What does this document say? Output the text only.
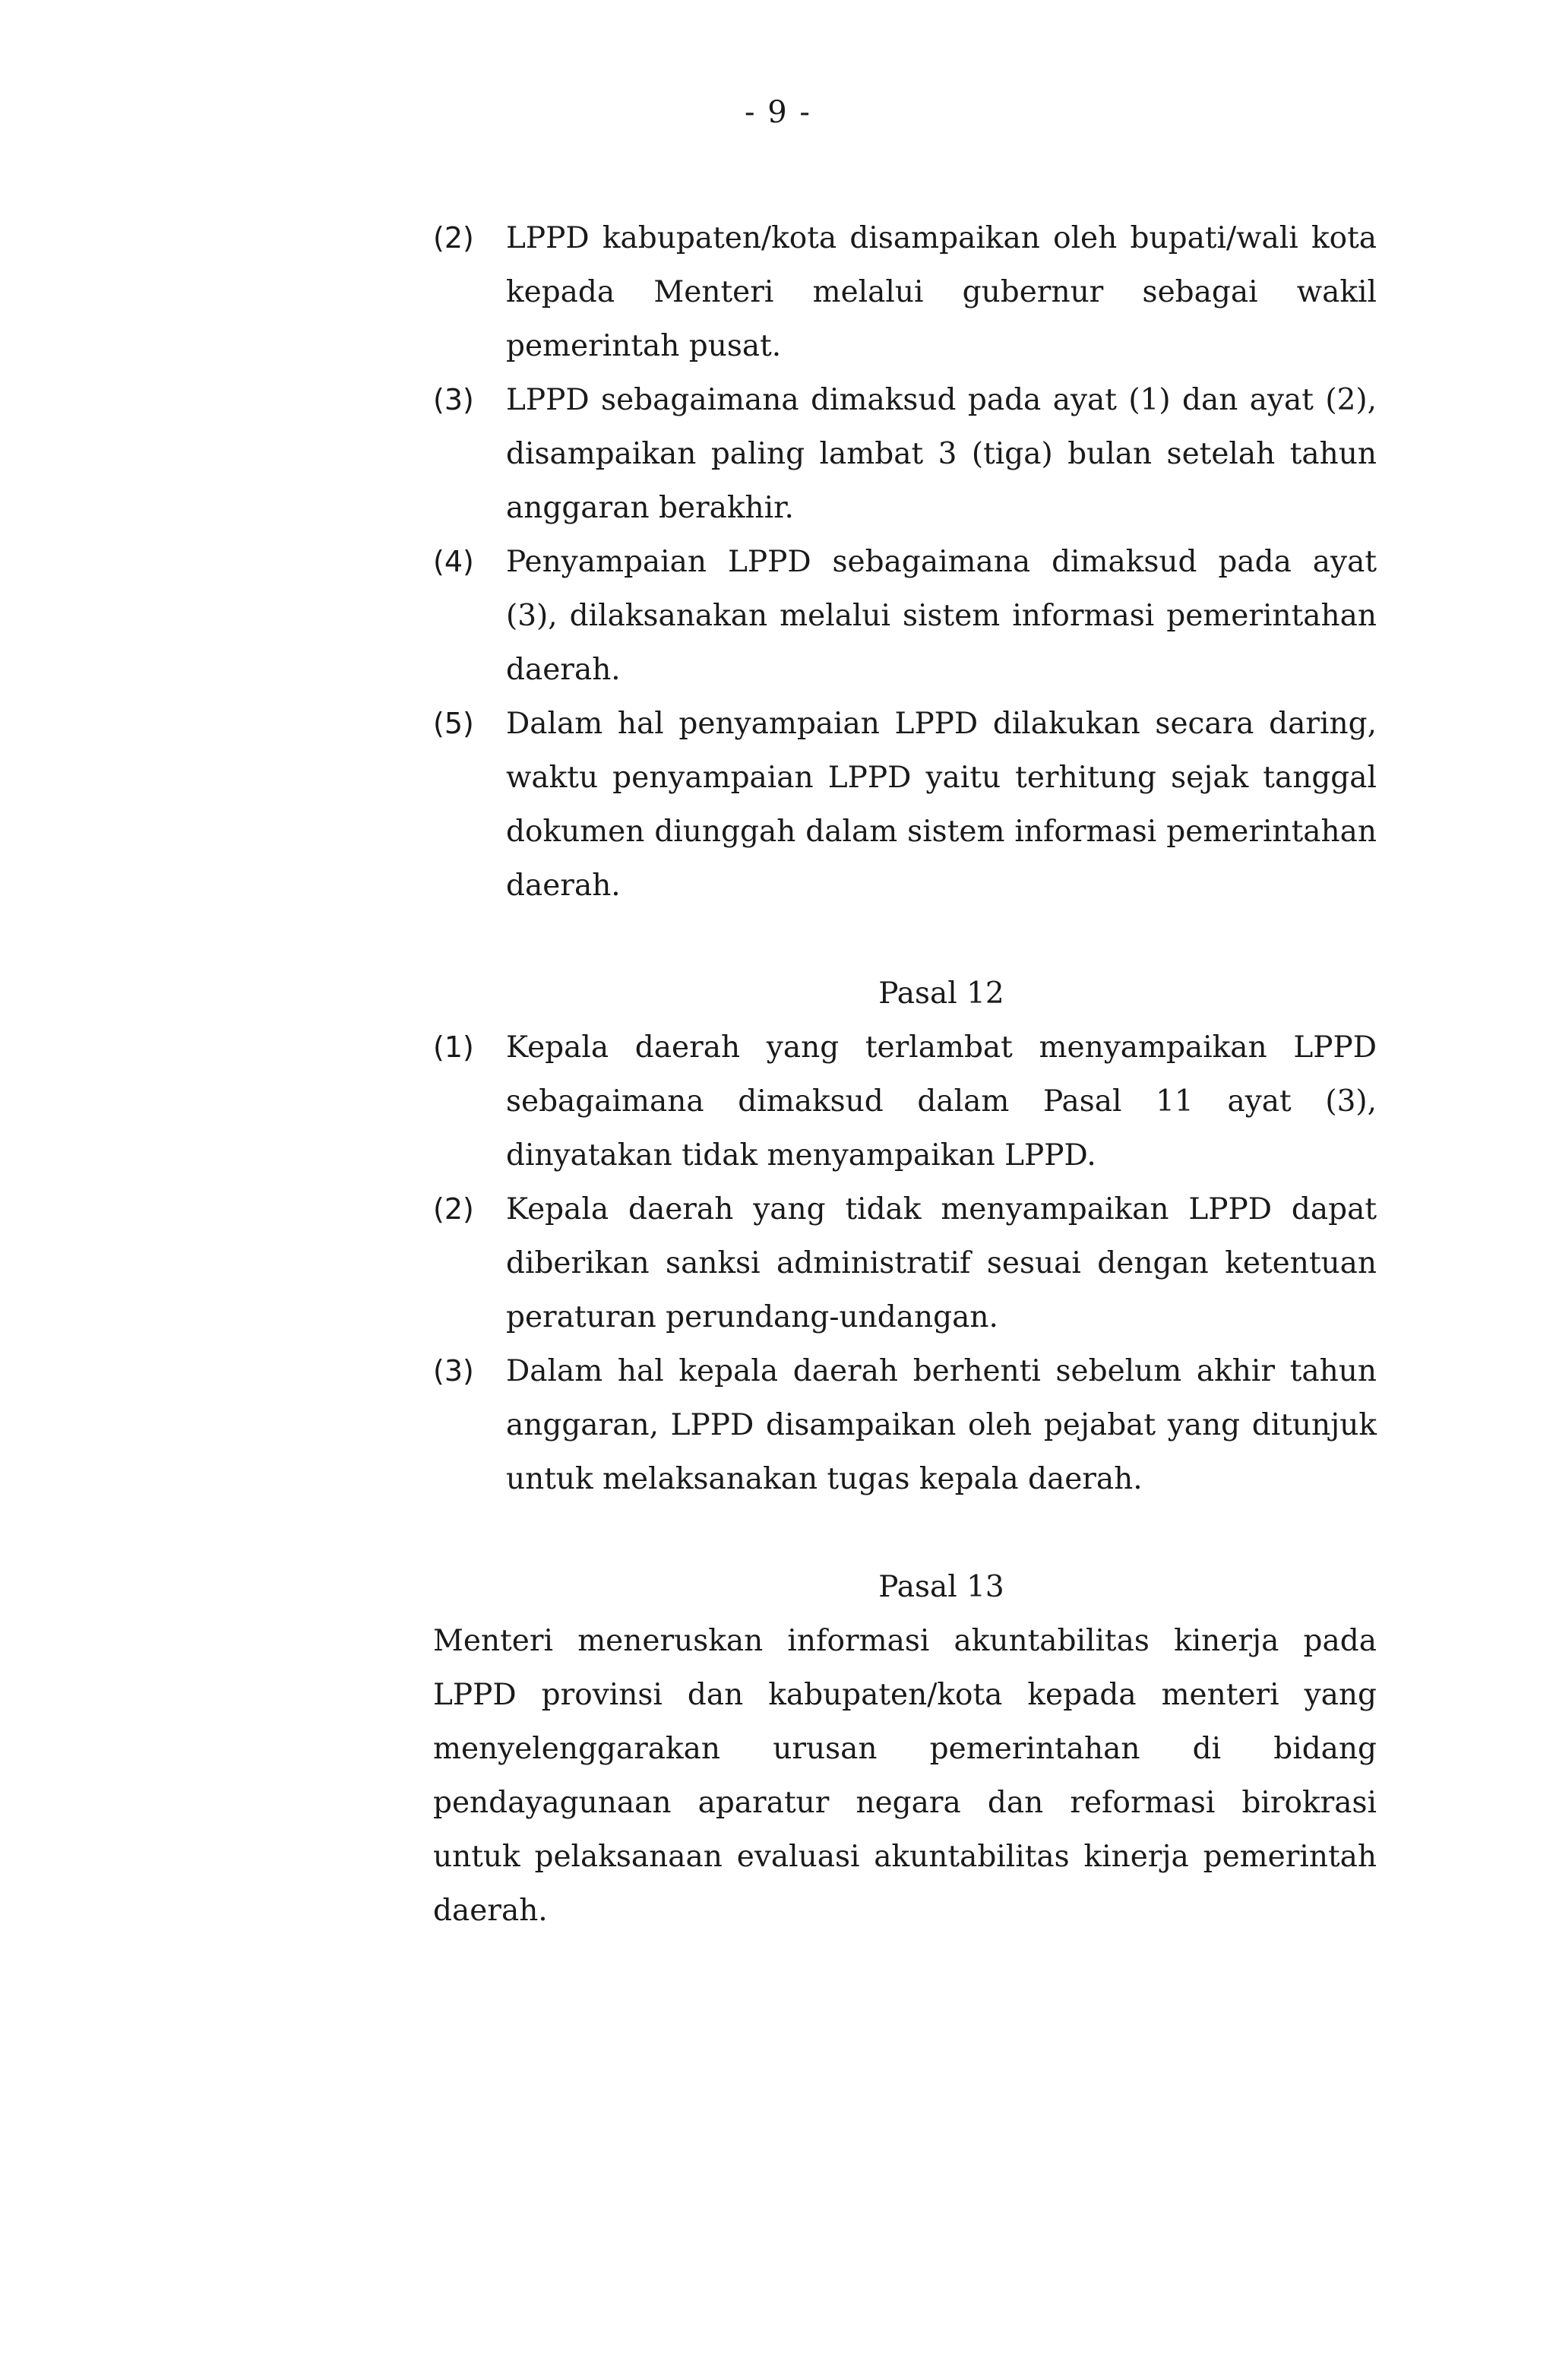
- 9 -
(2)	LPPD kabupaten/kota disampaikan oleh bupati/wali kota kepada Menteri melalui gubernur sebagai wakil pemerintah pusat.
(3)	LPPD sebagaimana dimaksud pada ayat (1) dan ayat (2), disampaikan paling lambat 3 (tiga) bulan setelah tahun anggaran berakhir.
(4)	Penyampaian LPPD sebagaimana dimaksud pada ayat (3), dilaksanakan melalui sistem informasi pemerintahan daerah.
(5)	Dalam hal penyampaian LPPD dilakukan secara daring, waktu penyampaian LPPD yaitu terhitung sejak tanggal dokumen diunggah dalam sistem informasi pemerintahan daerah.
Pasal 12
(1)	Kepala daerah yang terlambat menyampaikan LPPD sebagaimana dimaksud dalam Pasal 11 ayat (3), dinyatakan tidak menyampaikan LPPD.
(2)	Kepala daerah yang tidak menyampaikan LPPD dapat diberikan sanksi administratif sesuai dengan ketentuan peraturan perundang-undangan.
(3)	Dalam hal kepala daerah berhenti sebelum akhir tahun anggaran, LPPD disampaikan oleh pejabat yang ditunjuk untuk melaksanakan tugas kepala daerah.
Pasal 13
Menteri meneruskan informasi akuntabilitas kinerja pada LPPD provinsi dan kabupaten/kota kepada menteri yang menyelenggarakan urusan pemerintahan di bidang pendayagunaan aparatur negara dan reformasi birokrasi untuk pelaksanaan evaluasi akuntabilitas kinerja pemerintah daerah.
